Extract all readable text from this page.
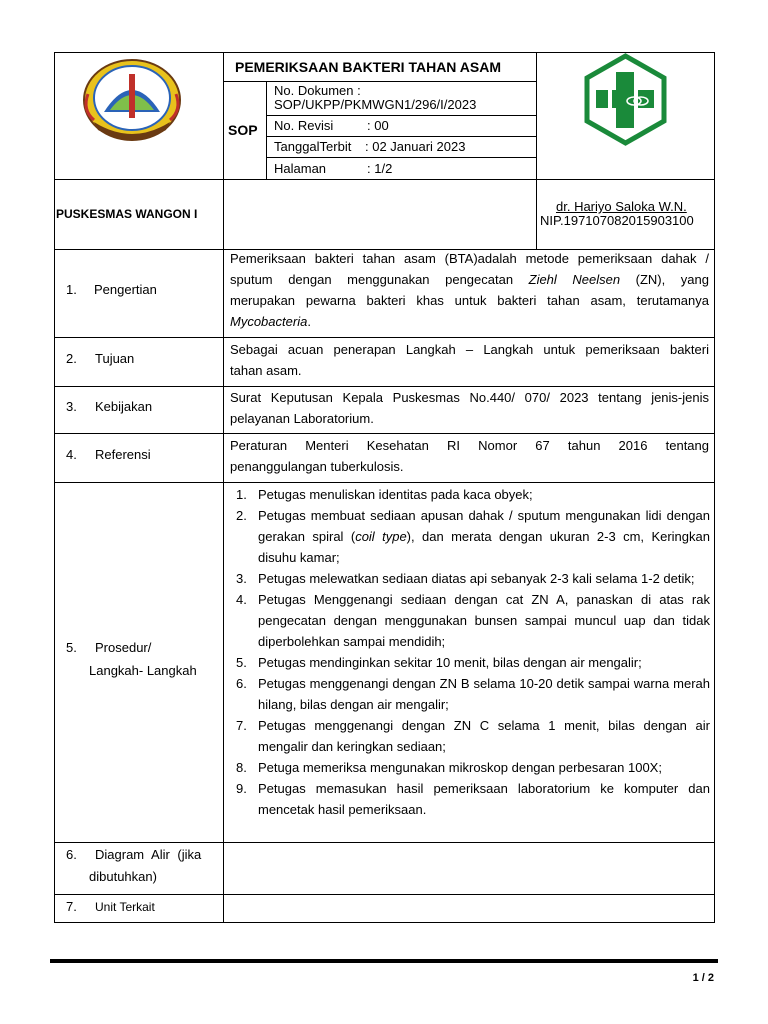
PEMERIKSAAN BAKTERI TAHAN ASAM
SOP
No. Dokumen :
SOP/UKPP/PKMWGN1/296/I/2023
No. Revisi	: 00
TanggalTerbit : 02 Januari 2023
Halaman	: 1/2
PUSKESMAS WANGON I	dr. Hariyo Saloka W.N.
NIP.197107082015903100
1. Pengertian
Pemeriksaan bakteri tahan asam (BTA)adalah metode pemeriksaan dahak /
sputum dengan menggunakan pengecatan Ziehl Neelsen (ZN), yang
merupakan pewarna bakteri khas untuk bakteri tahan asam, terutamanya
Mycobacteria.
2. Tujuan
Sebagai acuan penerapan Langkah – Langkah untuk pemeriksaan bakteri
tahan asam.
3. Kebijakan
Surat Keputusan Kepala Puskesmas No.440/ 070/ 2023 tentang jenis-jenis
pelayanan Laboratorium.
4. Referensi
Peraturan Menteri Kesehatan RI Nomor 67 tahun 2016 tentang
penanggulangan tuberkulosis.
5. Prosedur/
Langkah- Langkah
1. Petugas menuliskan identitas pada kaca obyek;
2. Petugas membuat sediaan apusan dahak / sputum mengunakan lidi dengan gerakan spiral (coil type), dan merata dengan ukuran 2-3 cm, Keringkan disuhu kamar;
3. Petugas melewatkan sediaan diatas api sebanyak 2-3 kali selama 1-2 detik;
4. Petugas Menggenangi sediaan dengan cat ZN A, panaskan di atas rak pengecatan dengan menggunakan bunsen sampai muncul uap dan tidak diperbolehkan sampai mendidih;
5. Petugas mendinginkan sekitar 10 menit, bilas dengan air mengalir;
6. Petugas menggenangi dengan ZN B selama 10-20 detik sampai warna merah hilang, bilas dengan air mengalir;
7. Petugas menggenangi dengan ZN C selama 1 menit, bilas dengan air mengalir dan keringkan sediaan;
8. Petuga memeriksa mengunakan mikroskop dengan perbesaran 100X;
9. Petugas memasukan hasil pemeriksaan laboratorium ke komputer dan mencetak hasil pemeriksaan.
6. Diagram Alir (jika
dibutuhkan)
7. Unit Terkait
1 / 2
